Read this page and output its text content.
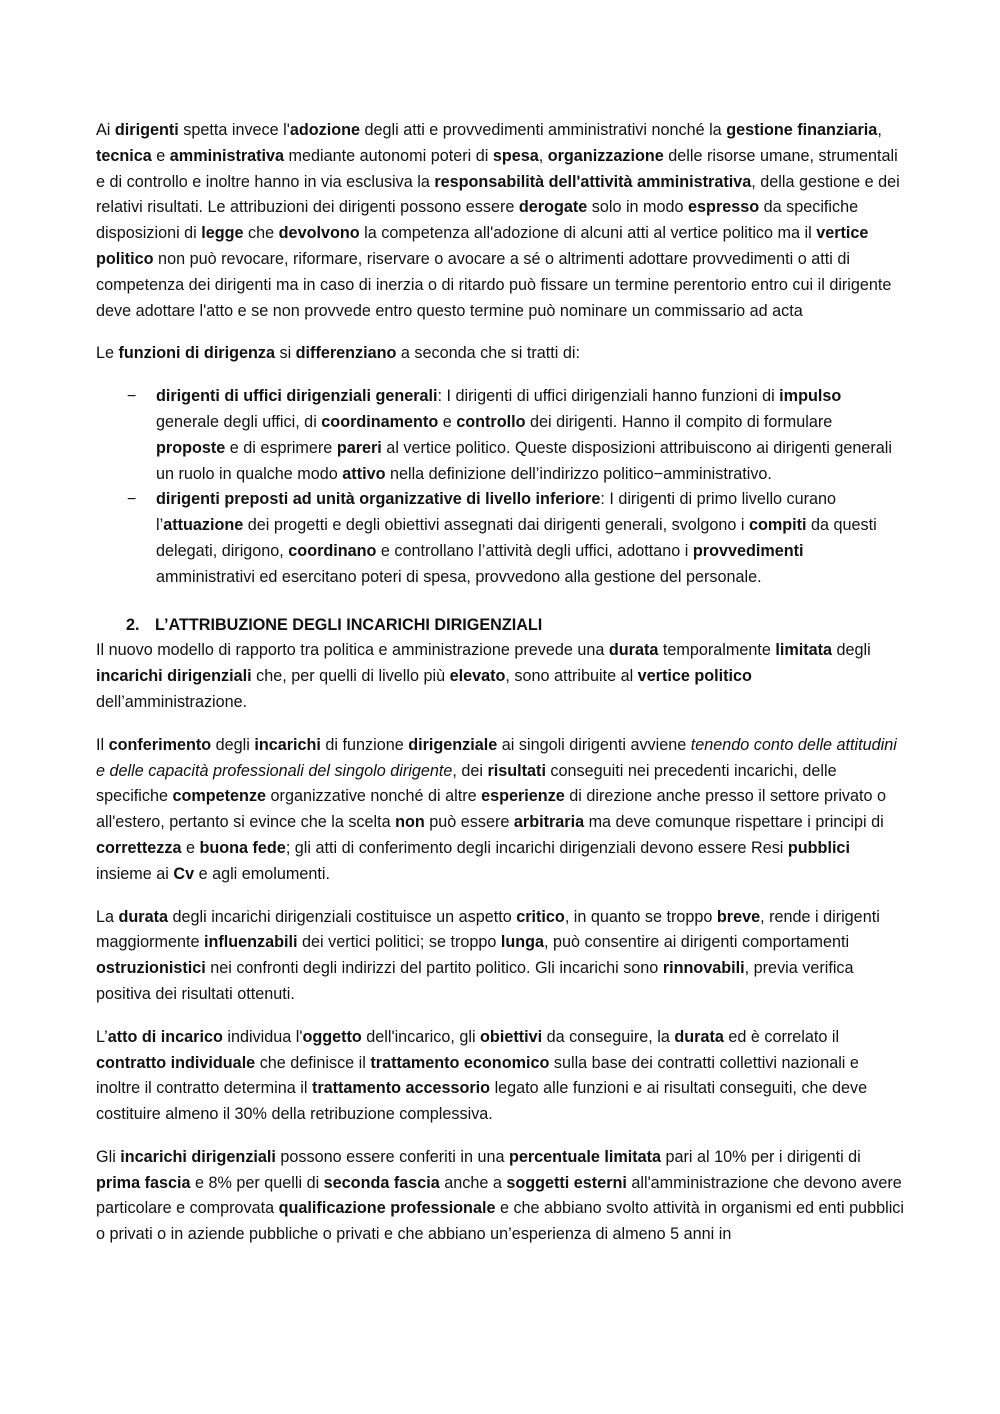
Ai dirigenti spetta invece l'adozione degli atti e provvedimenti amministrativi nonché la gestione finanziaria, tecnica e amministrativa mediante autonomi poteri di spesa, organizzazione delle risorse umane, strumentali e di controllo e inoltre hanno in via esclusiva la responsabilità dell'attività amministrativa, della gestione e dei relativi risultati. Le attribuzioni dei dirigenti possono essere derogate solo in modo espresso da specifiche disposizioni di legge che devolvono la competenza all'adozione di alcuni atti al vertice politico ma il vertice politico non può revocare, riformare, riservare o avocare a sé o altrimenti adottare provvedimenti o atti di competenza dei dirigenti ma in caso di inerzia o di ritardo può fissare un termine perentorio entro cui il dirigente deve adottare l'atto e se non provvede entro questo termine può nominare un commissario ad acta

Le funzioni di dirigenza si differenziano a seconda che si tratti di:

− dirigenti di uffici dirigenziali generali: I dirigenti di uffici dirigenziali hanno funzioni di impulso generale degli uffici, di coordinamento e controllo dei dirigenti. Hanno il compito di formulare proposte e di esprimere pareri al vertice politico. Queste disposizioni attribuiscono ai dirigenti generali un ruolo in qualche modo attivo nella definizione dell’indirizzo politico−amministrativo.
− dirigenti preposti ad unità organizzative di livello inferiore: I dirigenti di primo livello curano l’attuazione dei progetti e degli obiettivi assegnati dai dirigenti generali, svolgono i compiti da questi delegati, dirigono, coordinano e controllano l’attività degli uffici, adottano i provvedimenti amministrativi ed esercitano poteri di spesa, provvedono alla gestione del personale.
2. L’ATTRIBUZIONE DEGLI INCARICHI DIRIGENZIALI

Il nuovo modello di rapporto tra politica e amministrazione prevede una durata temporalmente limitata degli incarichi dirigenziali che, per quelli di livello più elevato, sono attribuite al vertice politico dell’amministrazione.

Il conferimento degli incarichi di funzione dirigenziale ai singoli dirigenti avviene tenendo conto delle attitudini e delle capacità professionali del singolo dirigente, dei risultati conseguiti nei precedenti incarichi, delle specifiche competenze organizzative nonché di altre esperienze di direzione anche presso il settore privato o all'estero, pertanto si evince che la scelta non può essere arbitraria ma deve comunque rispettare i principi di correttezza e buona fede; gli atti di conferimento degli incarichi dirigenziali devono essere Resi pubblici insieme ai Cv e agli emolumenti.

La durata degli incarichi dirigenziali costituisce un aspetto critico, in quanto se troppo breve, rende i dirigenti maggiormente influenzabili dei vertici politici; se troppo lunga, può consentire ai dirigenti comportamenti ostruzionistici nei confronti degli indirizzi del partito politico. Gli incarichi sono rinnovabili, previa verifica positiva dei risultati ottenuti.

L’atto di incarico individua l'oggetto dell'incarico, gli obiettivi da conseguire, la durata ed è correlato il contratto individuale che definisce il trattamento economico sulla base dei contratti collettivi nazionali e inoltre il contratto determina il trattamento accessorio legato alle funzioni e ai risultati conseguiti, che deve costituire almeno il 30% della retribuzione complessiva.

Gli incarichi dirigenziali possono essere conferiti in una percentuale limitata pari al 10% per i dirigenti di prima fascia e 8% per quelli di seconda fascia anche a soggetti esterni all'amministrazione che devono avere particolare e comprovata qualificazione professionale e che abbiano svolto attività in organismi ed enti pubblici o privati o in aziende pubbliche o privati e che abbiano un’esperienza di almeno 5 anni in
